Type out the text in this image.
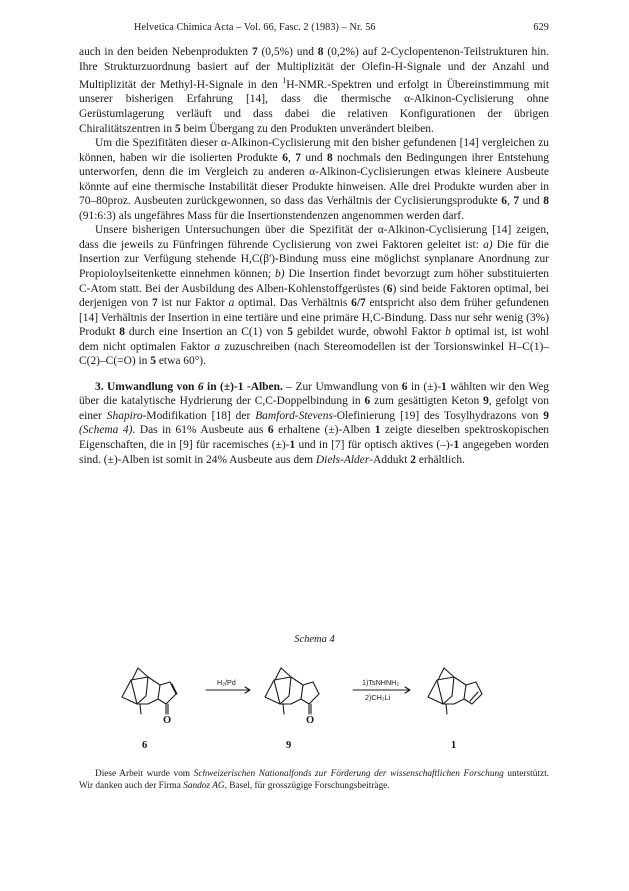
Helvetica Chimica Acta – Vol. 66, Fasc. 2 (1983) – Nr. 56	629

auch in den beiden Nebenprodukten 7 (0,5%) und 8 (0,2%) auf 2-Cyclopentenon-Teilstrukturen hin. Ihre Strukturzuordnung basiert auf der Multiplizität der Olefin-H-Signale und der Anzahl und Multiplizität der Methyl-H-Signale in den $^1$H-NMR.-Spektren und erfolgt in Übereinstimmung mit unserer bisherigen Erfahrung [14], dass die thermische α-Alkinon-Cyclisierung ohne Gerüstumlagerung verläuft und dass dabei die relativen Konfigurationen der übrigen Chiralitätszentren in 5 beim Übergang zu den Produkten unverändert bleiben.

Um die Spezifitäten dieser α-Alkinon-Cyclisierung mit den bisher gefundenen [14] vergleichen zu können, haben wir die isolierten Produkte 6, 7 und 8 nochmals den Bedingungen ihrer Entstehung unterworfen, denn die im Vergleich zu anderen α-Alkinon-Cyclisierungen etwas kleinere Ausbeute könnte auf eine thermische Instabilität dieser Produkte hinweisen. Alle drei Produkte wurden aber in 70–80proz. Ausbeuten zurückgewonnen, so dass das Verhältnis der Cyclisierungsprodukte 6, 7 und 8 (91:6:3) als ungefähres Mass für die Insertionstendenzen angenommen werden darf.

Unsere bisherigen Untersuchungen über die Spezifität der α-Alkinon-Cyclisierung [14] zeigen, dass die jeweils zu Fünfringen führende Cyclisierung von zwei Faktoren geleitet ist: a) Die für die Insertion zur Verfügung stehende H,C(β')-Bindung muss eine möglichst synplanare Anordnung zur Propioloylseitenkette einnehmen können; b) Die Insertion findet bevorzugt zum höher substituierten C-Atom statt. Bei der Ausbildung des Alben-Kohlenstoffgerüstes (6) sind beide Faktoren optimal, bei derjenigen von 7 ist nur Faktor a optimal. Das Verhältnis 6/7 entspricht also dem früher gefundenen [14] Verhältnis der Insertion in eine tertiäre und eine primäre H,C-Bindung. Dass nur sehr wenig (3%) Produkt 8 durch eine Insertion an C(1) von 5 gebildet wurde, obwohl Faktor b optimal ist, ist wohl dem nicht optimalen Faktor a zuzuschreiben (nach Stereomodellen ist der Torsionswinkel H–C(1)–C(2)–C(=O) in 5 etwa 60°).

3. Umwandlung von 6 in (±)-1 -Alben. – Zur Umwandlung von 6 in (±)-1 wählten wir den Weg über die katalytische Hydrierung der C,C-Doppelbindung in 6 zum gesättigten Keton 9, gefolgt von einer Shapiro-Modifikation [18] der Bamford-Stevens-Olefinierung [19] des Tosylhydrazons von 9 (Schema 4). Das in 61% Ausbeute aus 6 erhaltene (±)-Alben 1 zeigte dieselben spektroskopischen Eigenschaften, die in [9] für racemisches (±)-1 und in [7] für optisch aktives (–)-1 angegeben worden sind. (±)-Alben ist somit in 24% Ausbeute aus dem Diels-Alder-Addukt 2 erhältlich.

Schema 4
O	O
H₂/Pd	1)TsNHNH₂
2)CH₃Li
6	9	1
Diese Arbeit wurde vom Schweizerischen Nationalfonds zur Förderung der wissenschaftlichen Forschung unterstützt. Wir danken auch der Firma Sandoz AG, Basel, für grosszügige Forschungsbeiträge.
